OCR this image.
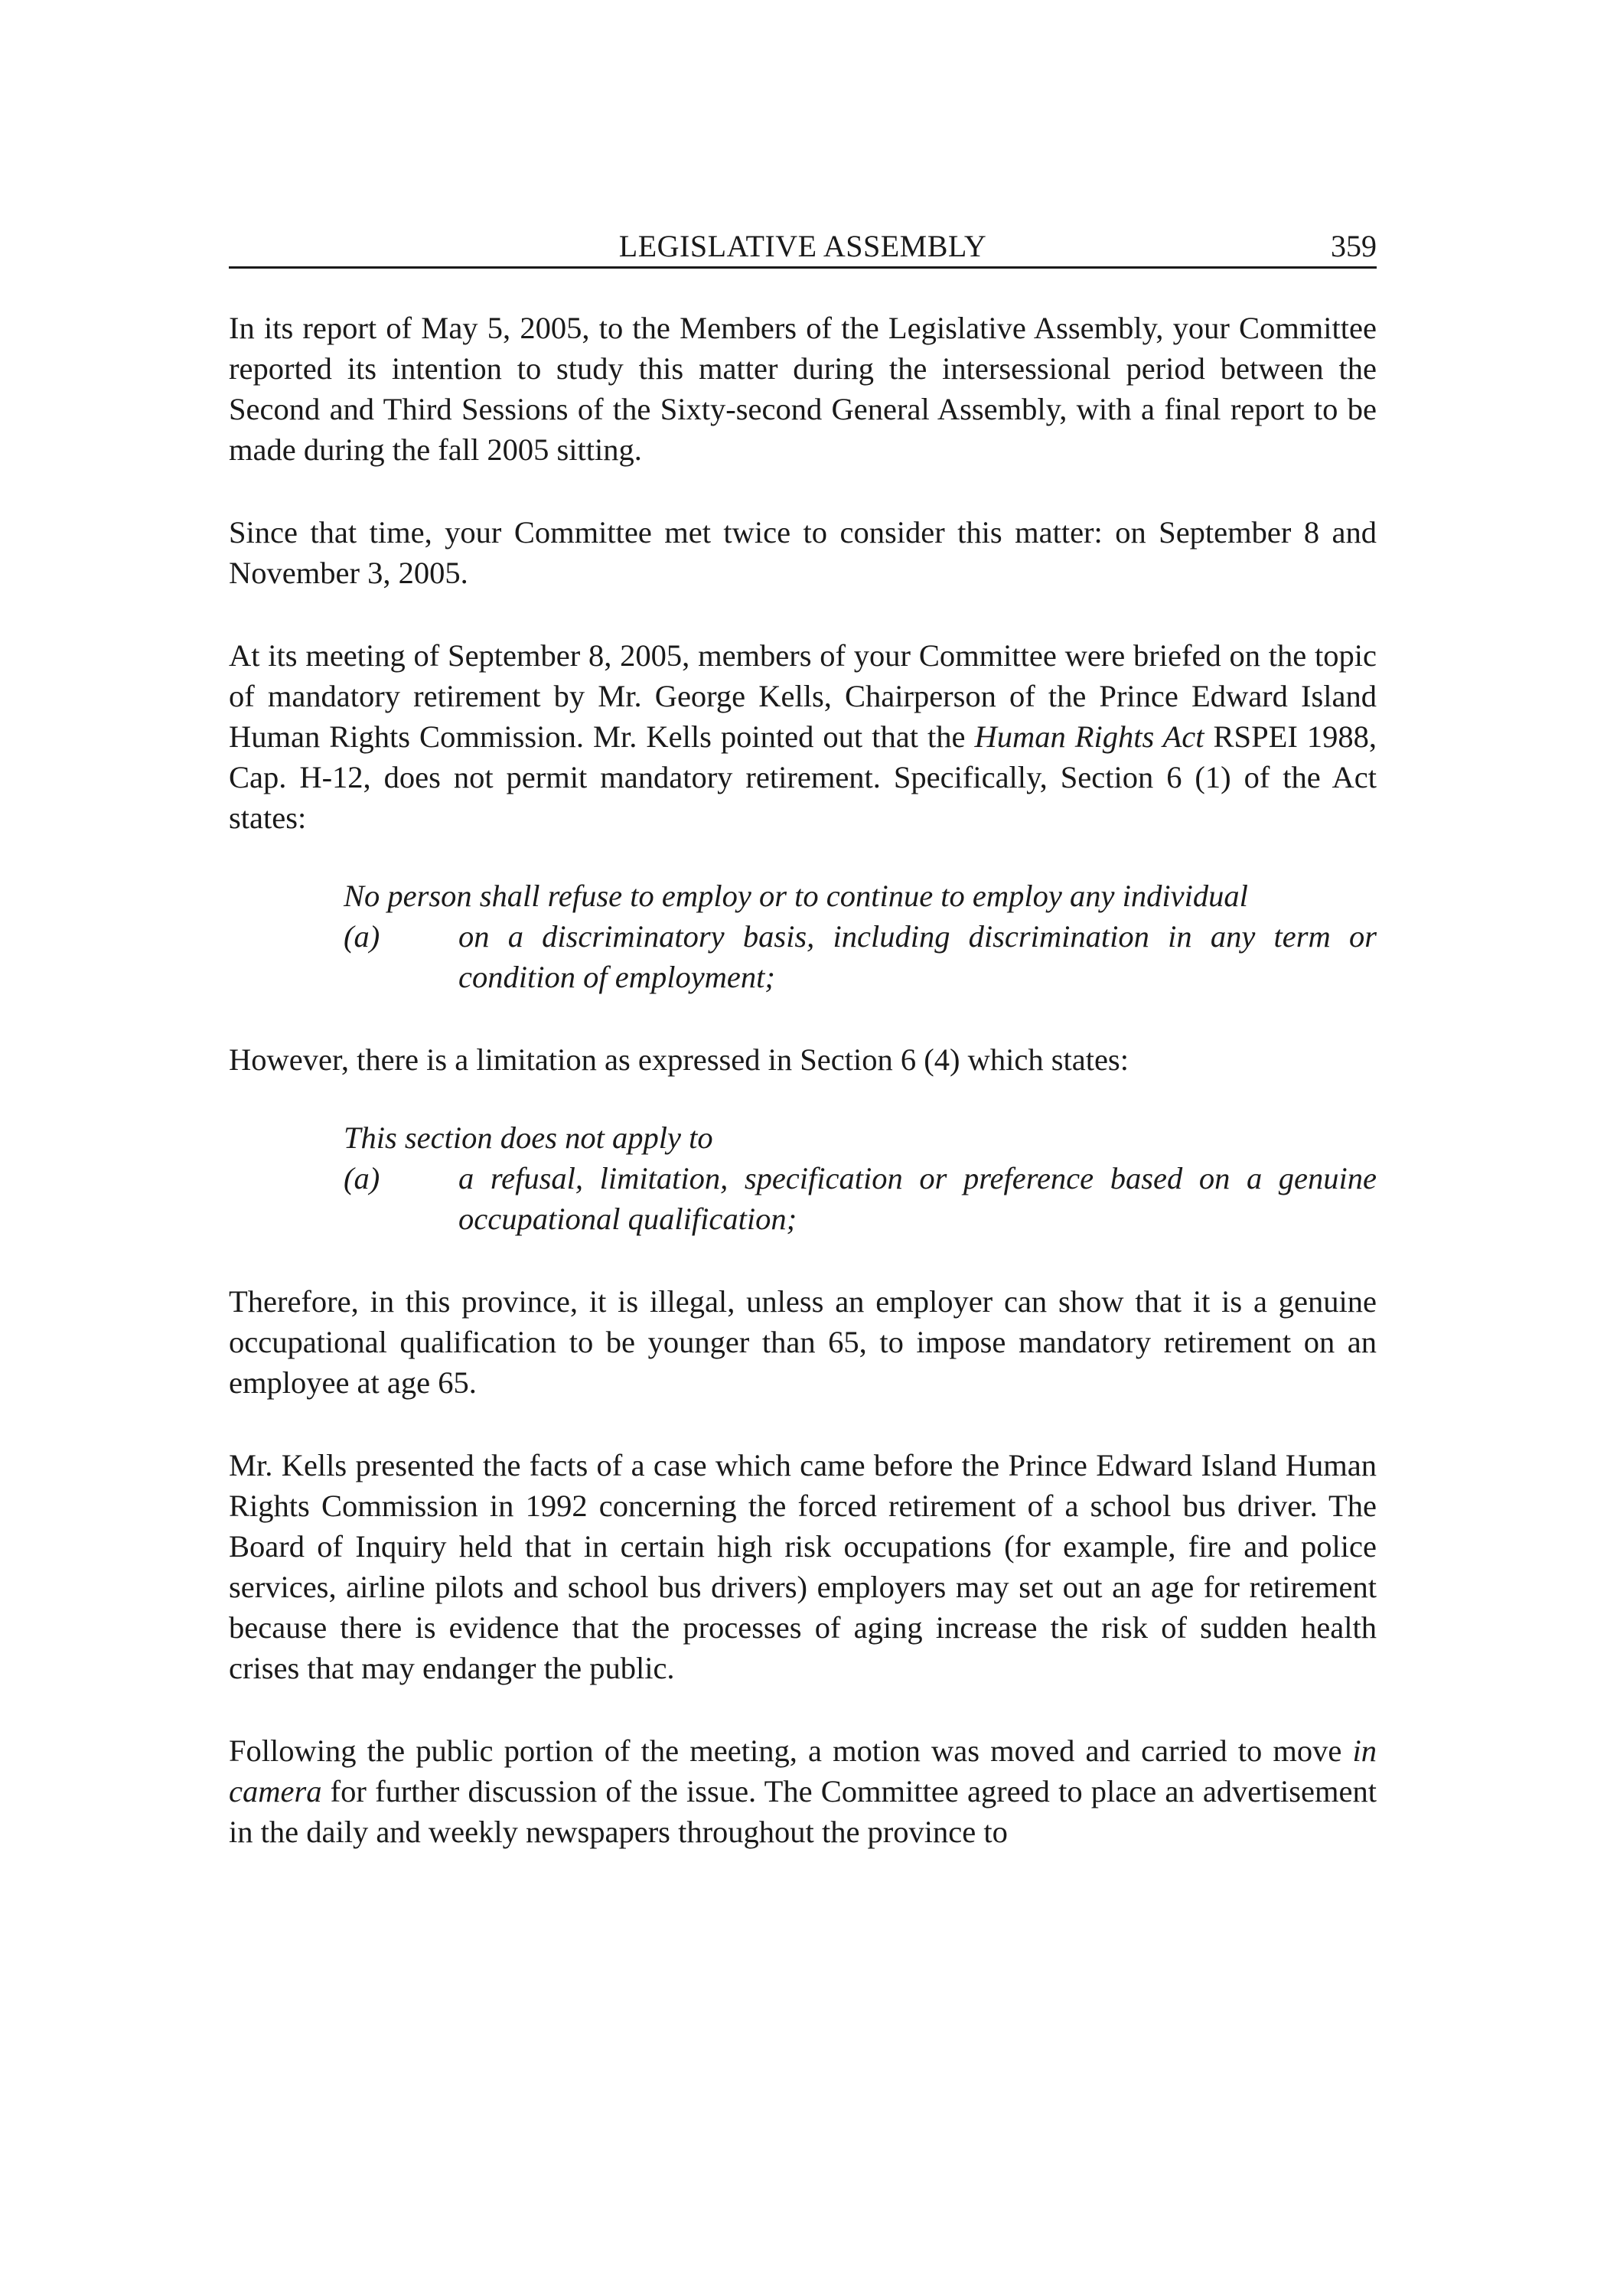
LEGISLATIVE ASSEMBLY	359

In its report of May 5, 2005, to the Members of the Legislative Assembly, your Committee reported its intention to study this matter during the intersessional period between the Second and Third Sessions of the Sixty-second General Assembly, with a final report to be made during the fall 2005 sitting.

Since that time, your Committee met twice to consider this matter: on September 8 and November 3, 2005.

At its meeting of September 8, 2005, members of your Committee were briefed on the topic of mandatory retirement by Mr. George Kells, Chairperson of the Prince Edward Island Human Rights Commission. Mr. Kells pointed out that the Human Rights Act RSPEI 1988, Cap. H-12, does not permit mandatory retirement. Specifically, Section 6 (1) of the Act states:

No person shall refuse to employ or to continue to employ any individual
(a)	on a discriminatory basis, including discrimination in any term or condition of employment;

However, there is a limitation as expressed in Section 6 (4) which states:

This section does not apply to
(a)	a refusal, limitation, specification or preference based on a genuine occupational qualification;

Therefore, in this province, it is illegal, unless an employer can show that it is a genuine occupational qualification to be younger than 65, to impose mandatory retirement on an employee at age 65.

Mr. Kells presented the facts of a case which came before the Prince Edward Island Human Rights Commission in 1992 concerning the forced retirement of a school bus driver. The Board of Inquiry held that in certain high risk occupations (for example, fire and police services, airline pilots and school bus drivers) employers may set out an age for retirement because there is evidence that the processes of aging increase the risk of sudden health crises that may endanger the public.

Following the public portion of the meeting, a motion was moved and carried to move in camera for further discussion of the issue. The Committee agreed to place an advertisement in the daily and weekly newspapers throughout the province to
